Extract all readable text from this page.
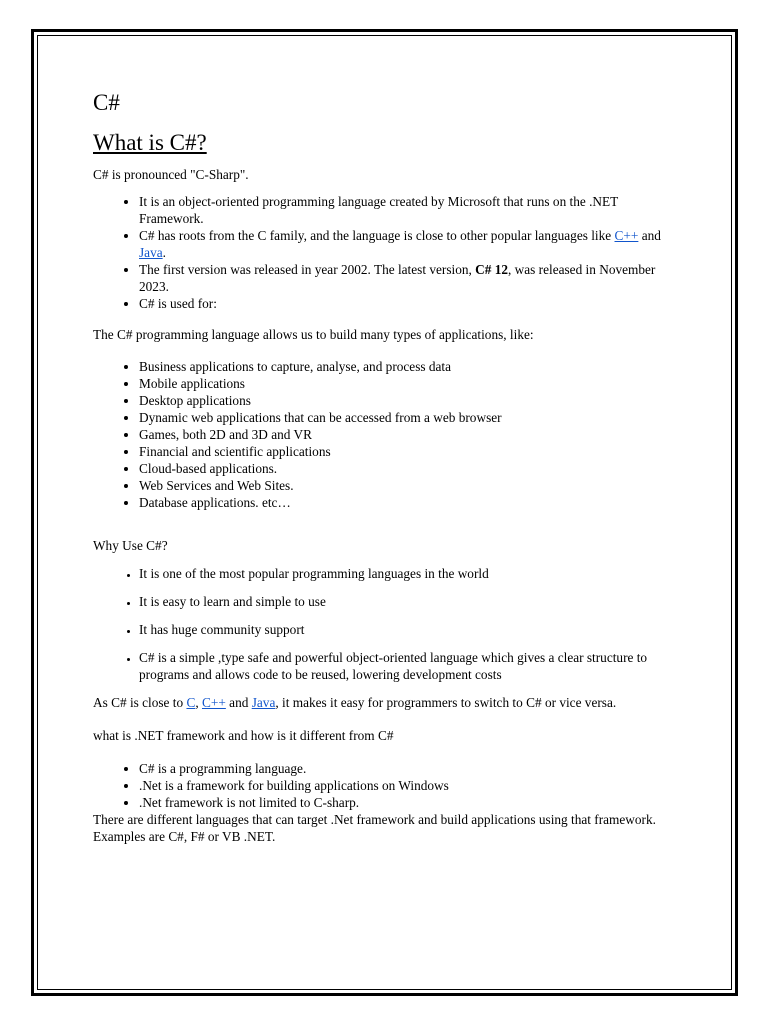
C#
What is C#?

C# is pronounced "C-Sharp".

• It is an object-oriented programming language created by Microsoft that runs on the .NET Framework.
• C# has roots from the C family, and the language is close to other popular languages like C++ and Java.
• The first version was released in year 2002. The latest version, C# 12, was released in November 2023.
• C# is used for:

The C# programming language allows us to build many types of applications, like:

• Business applications to capture, analyse, and process data
• Mobile applications
• Desktop applications
• Dynamic web applications that can be accessed from a web browser
• Games, both 2D and 3D and VR
• Financial and scientific applications
• Cloud-based applications.
• Web Services and Web Sites.
• Database applications. etc…

Why Use C#?

• It is one of the most popular programming languages in the world
• It is easy to learn and simple to use
• It has huge community support
• C# is a simple ,type safe and powerful object-oriented language which gives a clear structure to programs and allows code to be reused, lowering development costs

As C# is close to C, C++ and Java, it makes it easy for programmers to switch to C# or vice versa.

what is .NET framework and how is it different from C#

• C# is a programming language.
• .Net is a framework for building applications on Windows
• .Net framework is not limited to C-sharp.

There are different languages that can target .Net framework and build applications using that framework.

Examples are C#, F# or VB .NET.
